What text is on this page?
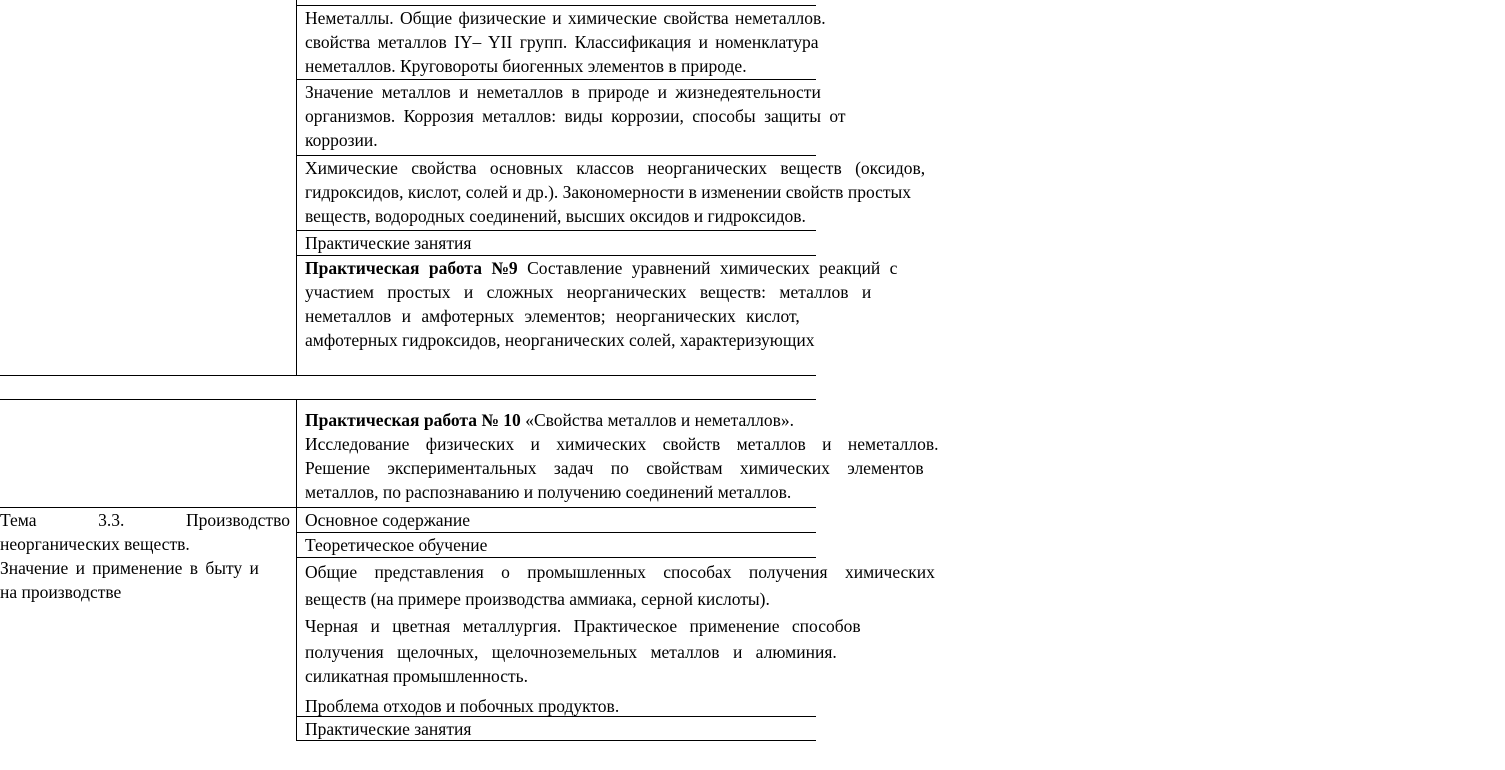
Неметаллы. Общие физические и химические свойства неметаллов.
свойства металлов IY– YII групп. Классификация и номенклатура
неметаллов. Круговороты биогенных элементов в природе.
Значение металлов и неметаллов в природе и жизнедеятельности
организмов. Коррозия металлов: виды коррозии, способы защиты от
коррозии.
Химические свойства основных классов неорганических веществ (оксидов,
гидроксидов, кислот, солей и др.). Закономерности в изменении свойств простых
веществ, водородных соединений, высших оксидов и гидроксидов.
Практические занятия
Практическая работа №9 Составление уравнений химических реакций с
участием простых и сложных неорганических веществ: металлов и
неметаллов и амфотерных элементов; неорганических кислот,
амфотерных гидроксидов, неорганических солей, характеризующих
Тема	3.3.	Производство
неорганических веществ.
Значение и применение в быту и
на производстве
Практическая работа № 10 «Свойства металлов и неметаллов».
Исследование физических и химических свойств металлов и неметаллов.
Решение экспериментальных задач по свойствам химических элементов
металлов, по распознаванию и получению соединений металлов.
Основное содержание
Теоретическое обучение
Общие представления о промышленных способах получения химических
веществ (на примере производства аммиака, серной кислоты).
Черная и цветная металлургия. Практическое применение способов
получения щелочных, щелочноземельных металлов и алюминия.
силикатная промышленность.
Проблема отходов и побочных продуктов.
Практические занятия
